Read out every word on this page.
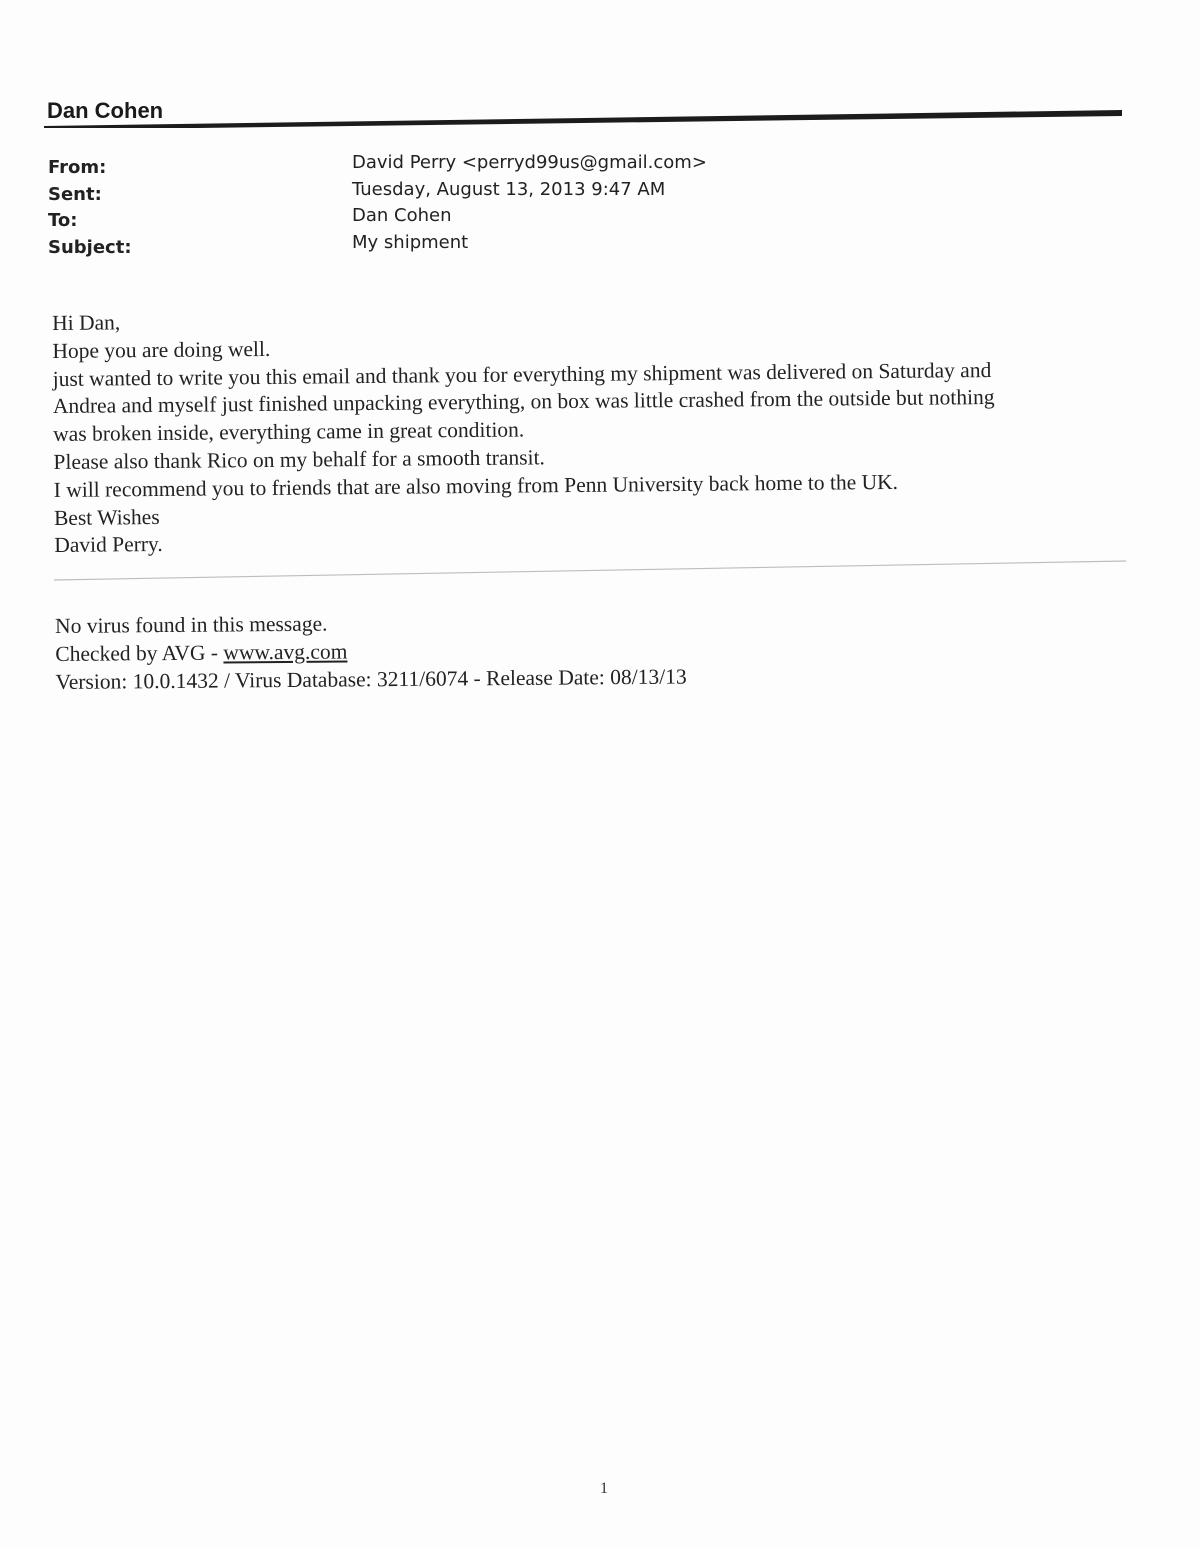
Dan Cohen
From:	David Perry <perryd99us@gmail.com>
Sent:	Tuesday, August 13, 2013 9:47 AM
To:	Dan Cohen
Subject:	My shipment
Hi Dan,
Hope you are doing well.
just wanted to write you this email and thank you for everything my shipment was delivered on Saturday and
Andrea and myself just finished unpacking everything, on box was little crashed from the outside but nothing
was broken inside, everything came in great condition.
Please also thank Rico on my behalf for a smooth transit.
I will recommend you to friends that are also moving from Penn University back home to the UK.
Best Wishes
David Perry.
No virus found in this message.
Checked by AVG - www.avg.com
Version: 10.0.1432 / Virus Database: 3211/6074 - Release Date: 08/13/13
1
